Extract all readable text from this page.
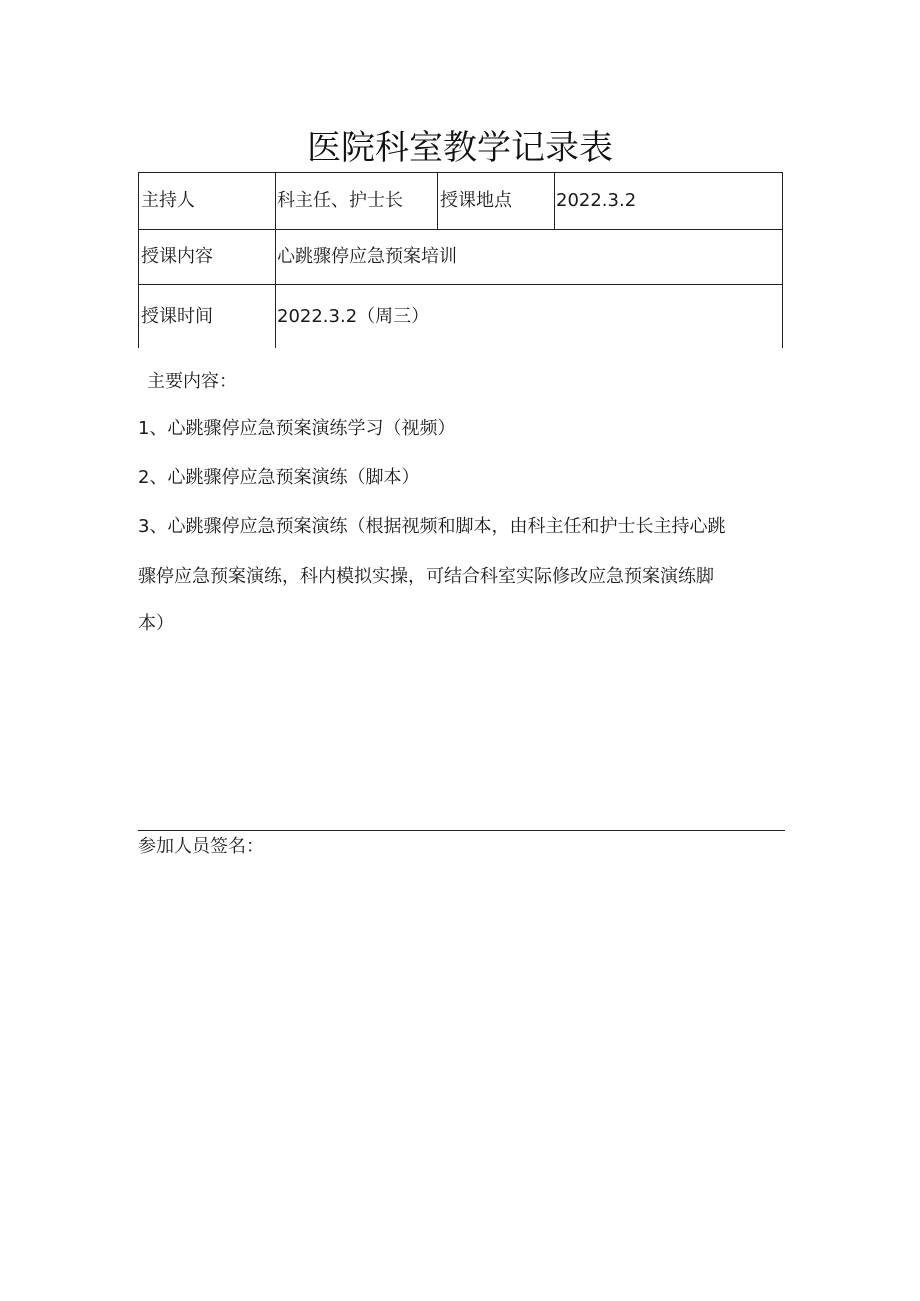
医院科室教学记录表
主持人	科主任、护士长 授课地点 2022.3.2
授课内容	心跳骤停应急预案培训
授课时间	2022.3.2（周三）
主要内容：
1、心跳骤停应急预案演练学习（视频）
2、心跳骤停应急预案演练（脚本）
3、心跳骤停应急预案演练（根据视频和脚本，由科主任和护士长主持心跳
骤停应急预案演练，科内模拟实操，可结合科室实际修改应急预案演练脚
本）
参加人员签名：
